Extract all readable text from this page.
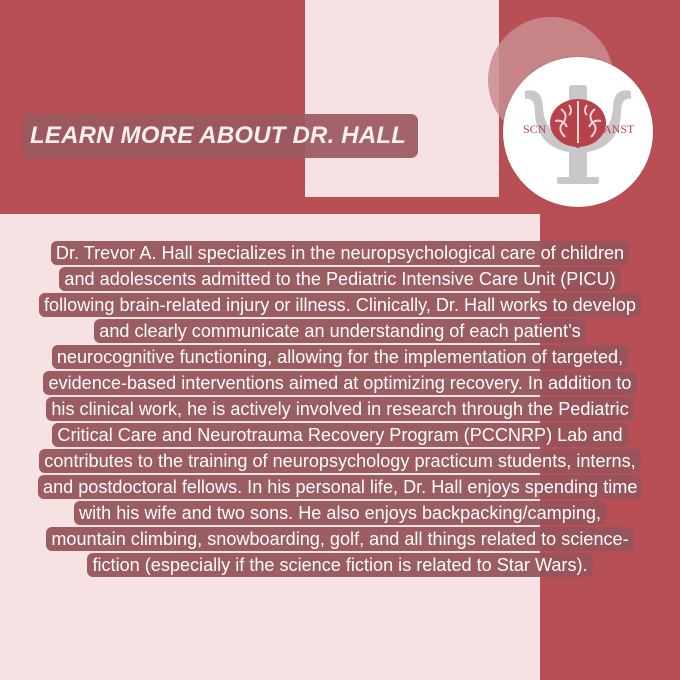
SCN	ANST
LEARN MORE ABOUT DR. HALL
Dr. Trevor A. Hall specializes in the neuropsychological care of children and adolescents admitted to the Pediatric Intensive Care Unit (PICU) following brain-related injury or illness. Clinically, Dr. Hall works to develop and clearly communicate an understanding of each patient’s neurocognitive functioning, allowing for the implementation of targeted, evidence-based interventions aimed at optimizing recovery. In addition to his clinical work, he is actively involved in research through the Pediatric Critical Care and Neurotrauma Recovery Program (PCCNRP) Lab and contributes to the training of neuropsychology practicum students, interns, and postdoctoral fellows. In his personal life, Dr. Hall enjoys spending time with his wife and two sons. He also enjoys backpacking/camping, mountain climbing, snowboarding, golf, and all things related to science-fiction (especially if the science fiction is related to Star Wars).
